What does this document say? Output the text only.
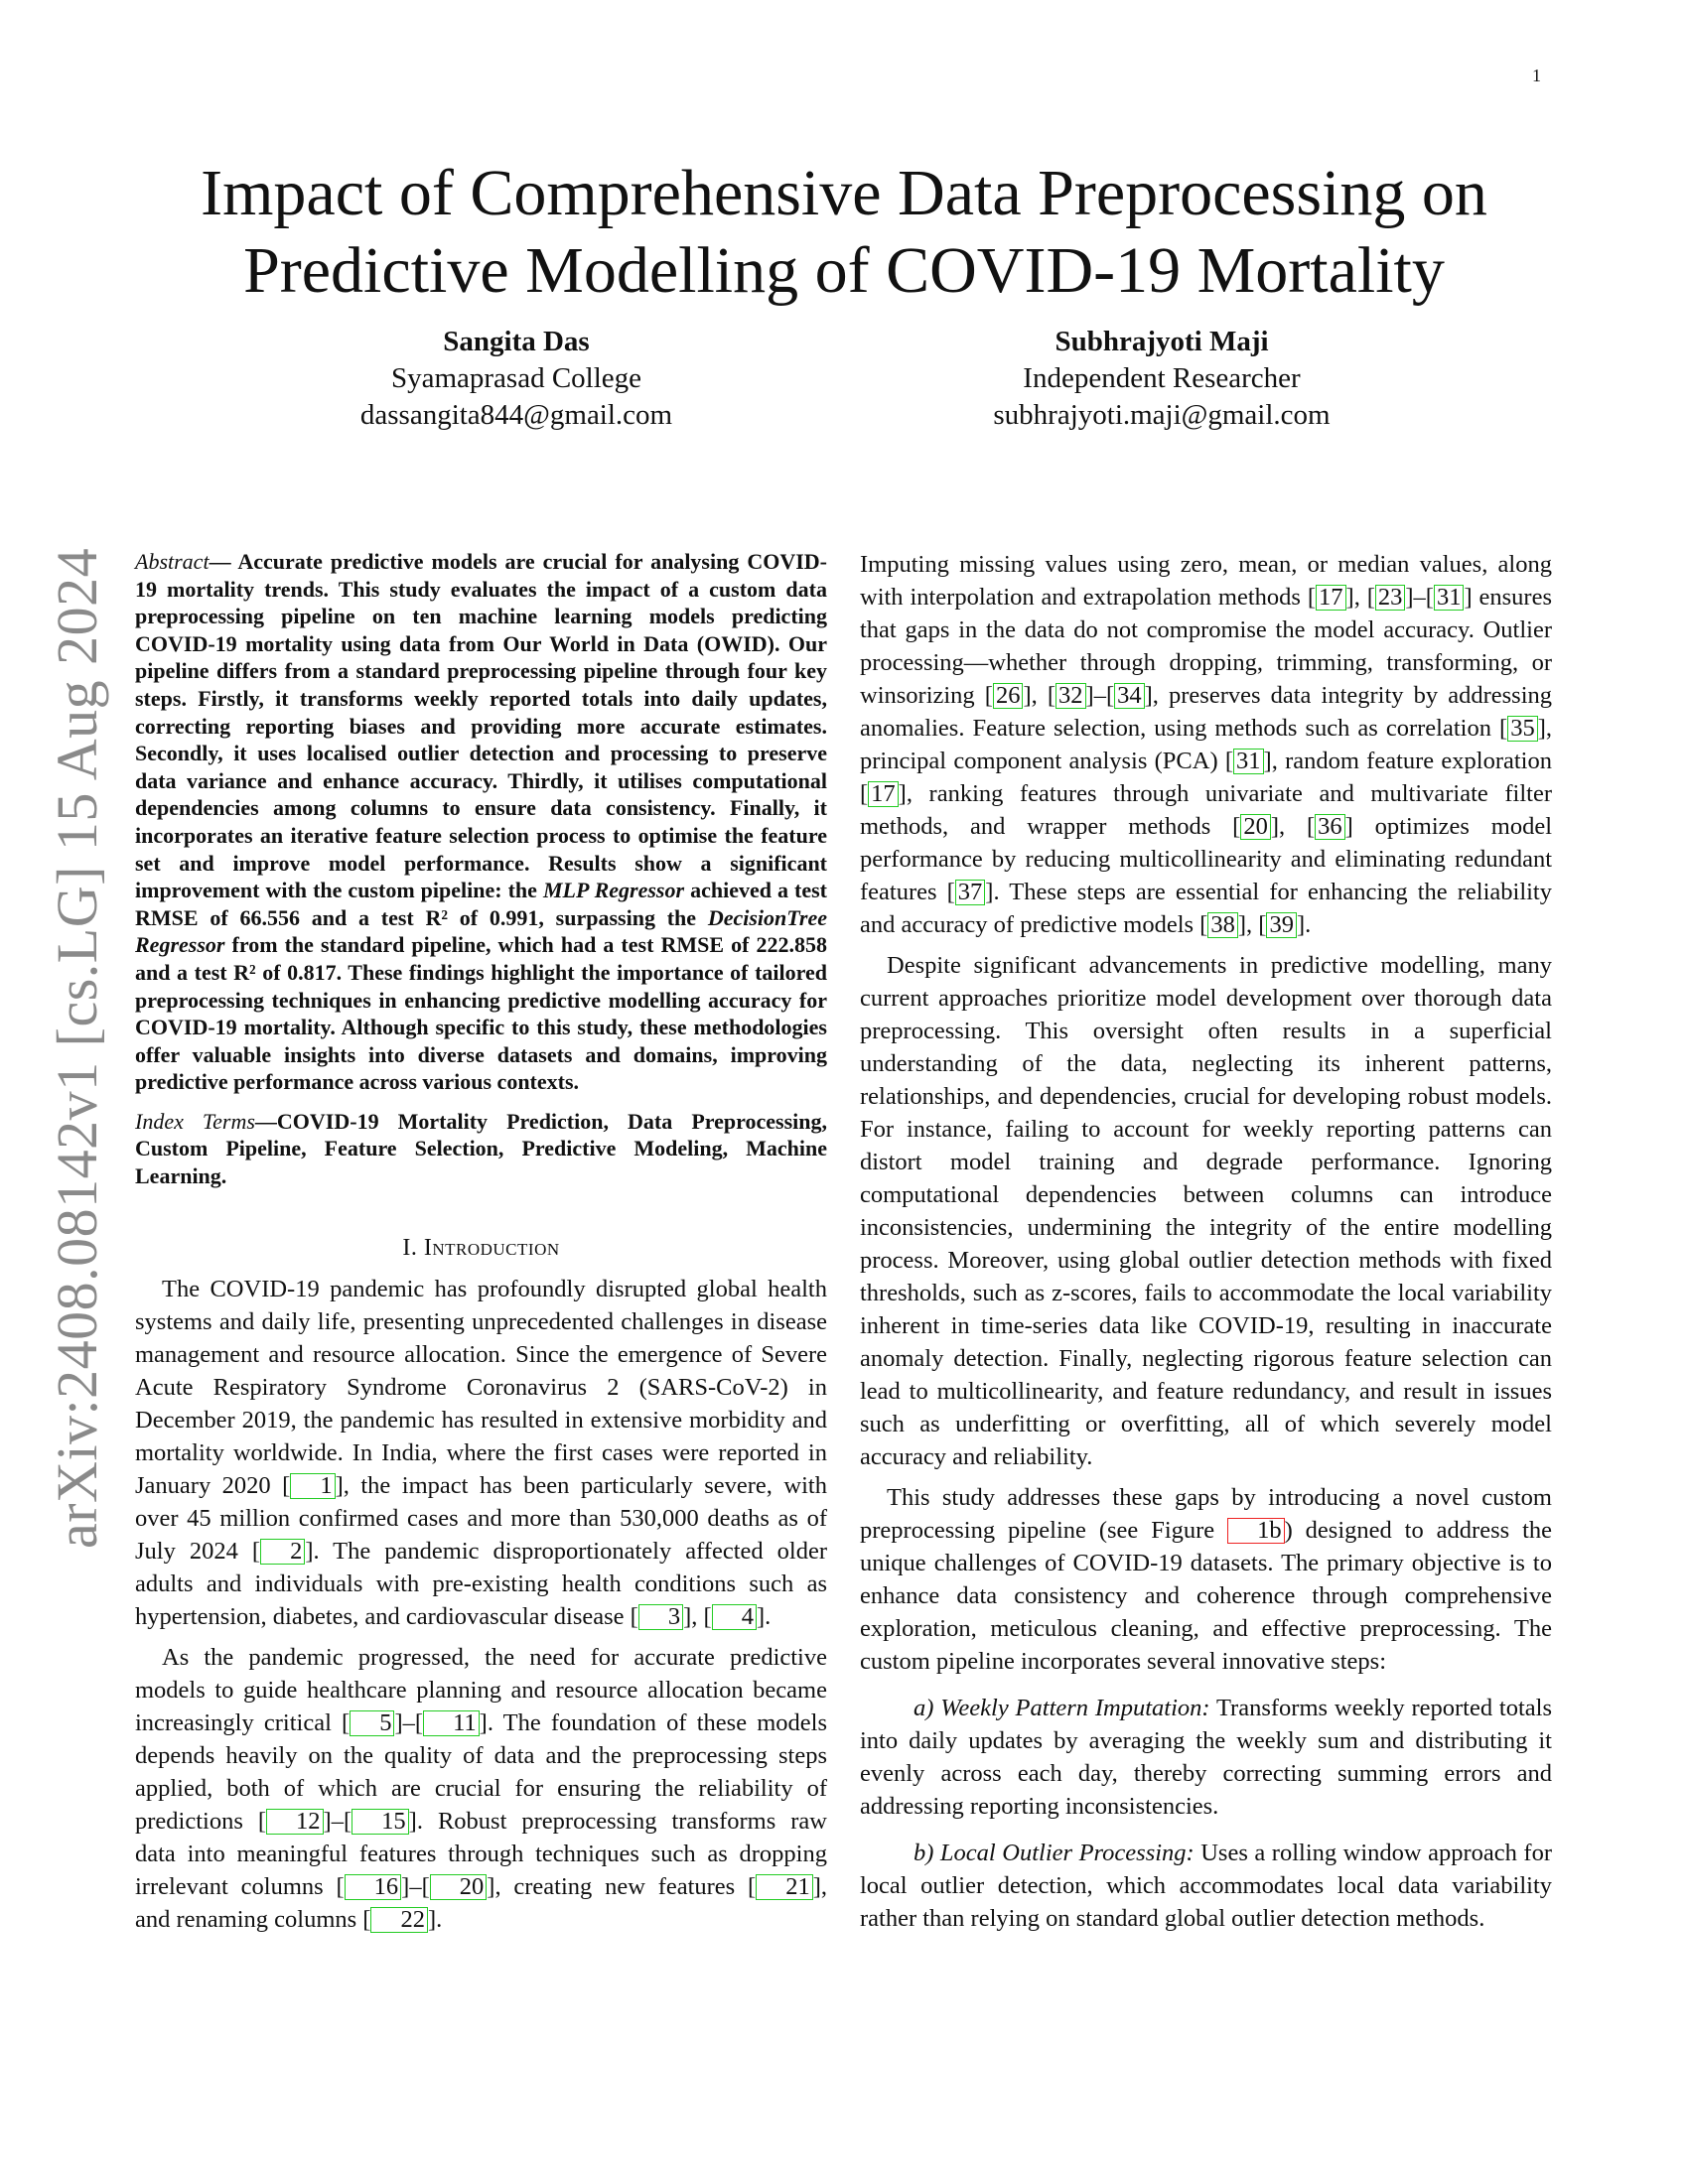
1
arXiv:2408.08142v1 [cs.LG] 15 Aug 2024
Impact of Comprehensive Data Preprocessing on
Predictive Modelling of COVID-19 Mortality
Sangita Das
Syamaprasad College
dassangita844@gmail.com
Subhrajyoti Maji
Independent Researcher
subhrajyoti.maji@gmail.com

Abstract— Accurate predictive models are crucial for analysing COVID-19 mortality trends. This study evaluates the impact of a custom data preprocessing pipeline on ten machine learning models predicting COVID-19 mortality using data from Our World in Data (OWID). Our pipeline differs from a standard preprocessing pipeline through four key steps. Firstly, it transforms weekly reported totals into daily updates, correcting reporting biases and providing more accurate estimates. Secondly, it uses localised outlier detection and processing to preserve data variance and enhance accuracy. Thirdly, it utilises computational dependencies among columns to ensure data consistency. Finally, it incorporates an iterative feature selection process to optimise the feature set and improve model performance. Results show a significant improvement with the custom pipeline: the MLP Regressor achieved a test RMSE of 66.556 and a test R² of 0.991, surpassing the DecisionTree Regressor from the standard pipeline, which had a test RMSE of 222.858 and a test R² of 0.817. These findings highlight the importance of tailored preprocessing techniques in enhancing predictive modelling accuracy for COVID-19 mortality. Although specific to this study, these methodologies offer valuable insights into diverse datasets and domains, improving predictive performance across various contexts.

Index Terms—COVID-19 Mortality Prediction, Data Preprocessing, Custom Pipeline, Feature Selection, Predictive Modeling, Machine Learning.

I. Introduction

The COVID-19 pandemic has profoundly disrupted global health systems and daily life, presenting unprecedented challenges in disease management and resource allocation. Since the emergence of Severe Acute Respiratory Syndrome Coronavirus 2 (SARS-CoV-2) in December 2019, the pandemic has resulted in extensive morbidity and mortality worldwide. In India, where the first cases were reported in January 2020 [ 1 ], the impact has been particularly severe, with over 45 million confirmed cases and more than 530,000 deaths as of July 2024 [ 2 ]. The pandemic disproportionately affected older adults and individuals with pre-existing health conditions such as hypertension, diabetes, and cardiovascular disease [ 3 ], [ 4 ].

As the pandemic progressed, the need for accurate predictive models to guide healthcare planning and resource allocation became increasingly critical [ 5 ]–[ 11 ]. The foundation of these models depends heavily on the quality of data and the preprocessing steps applied, both of which are crucial for ensuring the reliability of predictions [ 12 ]–[ 15 ]. Robust preprocessing transforms raw data into meaningful features through techniques such as dropping irrelevant columns [ 16 ]–[ 20 ], creating new features [ 21 ], and renaming columns [ 22 ].

Imputing missing values using zero, mean, or median values, along with interpolation and extrapolation methods [ 17 ], [ 23 ]–[ 31 ] ensures that gaps in the data do not compromise the model accuracy. Outlier processing—whether through dropping, trimming, transforming, or winsorizing [ 26 ], [ 32 ]–[ 34 ], preserves data integrity by addressing anomalies. Feature selection, using methods such as correlation [ 35 ], principal component analysis (PCA) [ 31 ], random feature exploration [ 17 ], ranking features through univariate and multivariate filter methods, and wrapper methods [ 20 ], [ 36 ] optimizes model performance by reducing multicollinearity and eliminating redundant features [ 37 ]. These steps are essential for enhancing the reliability and accuracy of predictive models [ 38 ], [ 39 ].

Despite significant advancements in predictive modelling, many current approaches prioritize model development over thorough data preprocessing. This oversight often results in a superficial understanding of the data, neglecting its inherent patterns, relationships, and dependencies, crucial for developing robust models. For instance, failing to account for weekly reporting patterns can distort model training and degrade performance. Ignoring computational dependencies between columns can introduce inconsistencies, undermining the integrity of the entire modelling process. Moreover, using global outlier detection methods with fixed thresholds, such as z-scores, fails to accommodate the local variability inherent in time-series data like COVID-19, resulting in inaccurate anomaly detection. Finally, neglecting rigorous feature selection can lead to multicollinearity, and feature redundancy, and result in issues such as underfitting or overfitting, all of which severely model accuracy and reliability.

This study addresses these gaps by introducing a novel custom preprocessing pipeline (see Figure 1b ) designed to address the unique challenges of COVID-19 datasets. The primary objective is to enhance data consistency and coherence through comprehensive exploration, meticulous cleaning, and effective preprocessing. The custom pipeline incorporates several innovative steps:

a) Weekly Pattern Imputation: Transforms weekly reported totals into daily updates by averaging the weekly sum and distributing it evenly across each day, thereby correcting summing errors and addressing reporting inconsistencies.

b) Local Outlier Processing: Uses a rolling window approach for local outlier detection, which accommodates local data variability rather than relying on standard global outlier detection methods.
